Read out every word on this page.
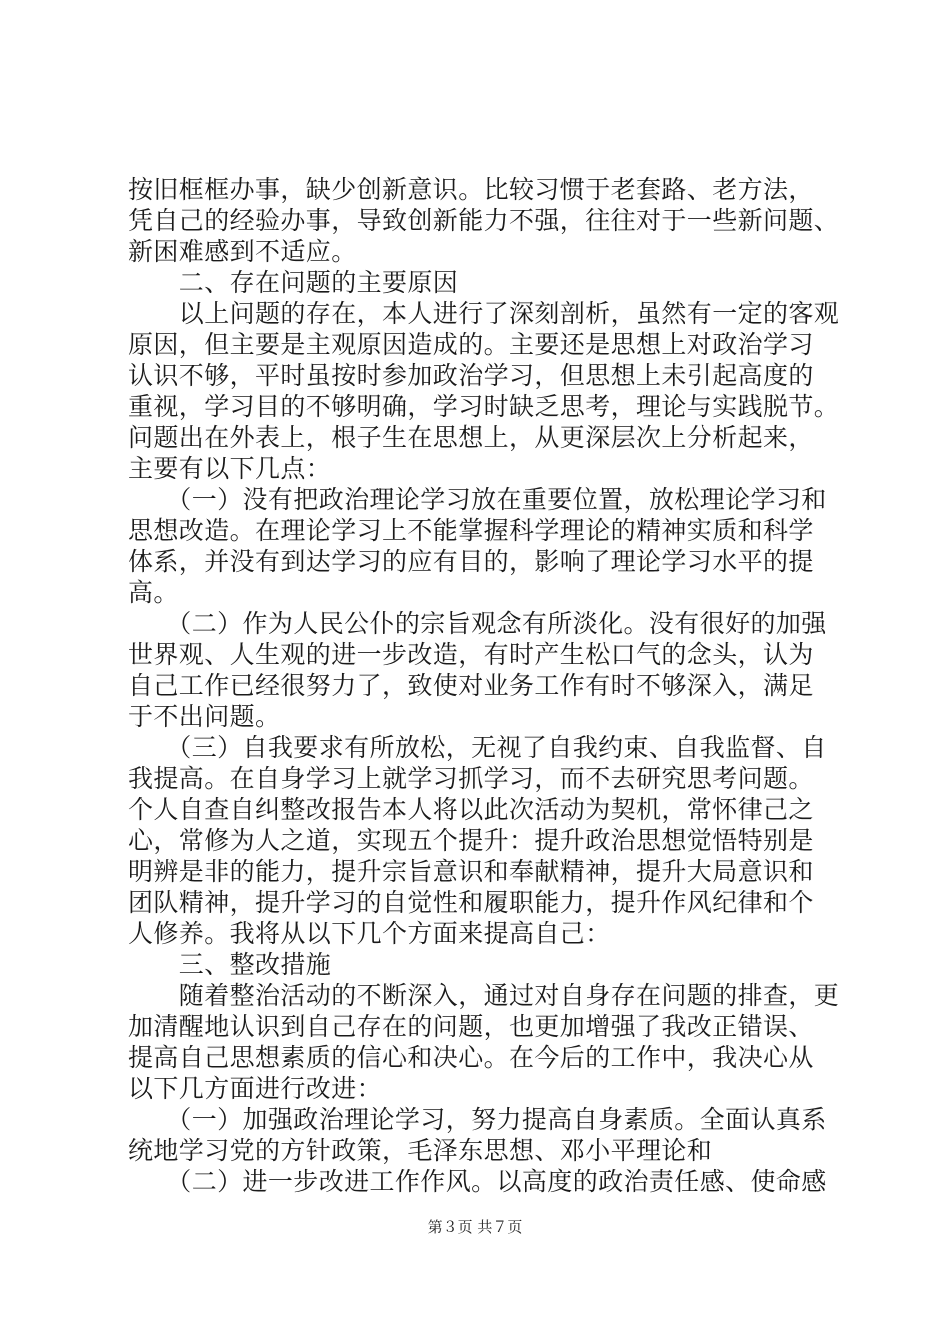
按旧框框办事，缺少创新意识。比较习惯于老套路、老方法，
凭自己的经验办事，导致创新能力不强，往往对于一些新问题、
新困难感到不适应。
　　二、存在问题的主要原因
　　以上问题的存在，本人进行了深刻剖析，虽然有一定的客观
原因，但主要是主观原因造成的。主要还是思想上对政治学习
认识不够，平时虽按时参加政治学习，但思想上未引起高度的
重视，学习目的不够明确，学习时缺乏思考，理论与实践脱节。
问题出在外表上，根子生在思想上，从更深层次上分析起来，
主要有以下几点：
　　（一）没有把政治理论学习放在重要位置，放松理论学习和
思想改造。在理论学习上不能掌握科学理论的精神实质和科学
体系，并没有到达学习的应有目的，影响了理论学习水平的提
高。
　　（二）作为人民公仆的宗旨观念有所淡化。没有很好的加强
世界观、人生观的进一步改造，有时产生松口气的念头，认为
自己工作已经很努力了，致使对业务工作有时不够深入，满足
于不出问题。
　　（三）自我要求有所放松，无视了自我约束、自我监督、自
我提高。在自身学习上就学习抓学习，而不去研究思考问题。
个人自查自纠整改报告本人将以此次活动为契机，常怀律己之
心，常修为人之道，实现五个提升：提升政治思想觉悟特别是
明辨是非的能力，提升宗旨意识和奉献精神，提升大局意识和
团队精神，提升学习的自觉性和履职能力，提升作风纪律和个
人修养。我将从以下几个方面来提高自己：
　　三、整改措施
　　随着整治活动的不断深入，通过对自身存在问题的排查，更
加清醒地认识到自己存在的问题，也更加增强了我改正错误、
提高自己思想素质的信心和决心。在今后的工作中，我决心从
以下几方面进行改进：
　　（一）加强政治理论学习，努力提高自身素质。全面认真系
统地学习党的方针政策，毛泽东思想、邓小平理论和
　　（二）进一步改进工作作风。以高度的政治责任感、使命感
第３页 共７页
